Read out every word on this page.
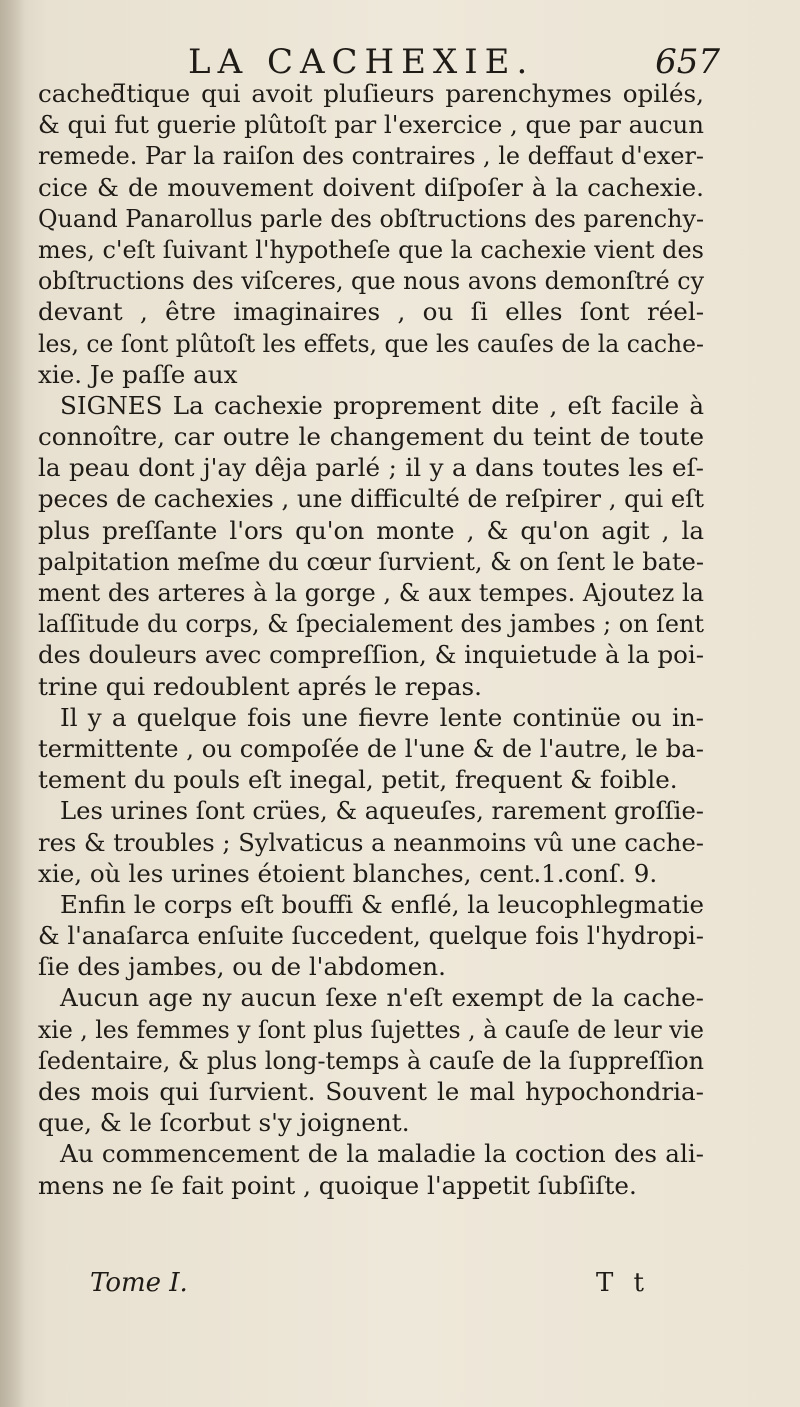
LA CACHEXIE.	657
cacheƌtique qui avoit pluſieurs parenchymes opilés,
& qui fut guerie plûtoſt par l'exercice , que par aucun
remede. Par la raiſon des contraires , le deffaut d'exer-
cice & de mouvement doivent diſpoſer à la cachexie.
Quand Panarollus parle des obſtructions des parenchy-
mes, c'eſt ſuivant l'hypotheſe que la cachexie vient des
obſtructions des viſceres, que nous avons demonſtré cy
devant , être imaginaires , ou ſi elles ſont réel-
les, ce ſont plûtoſt les effets, que les cauſes de la cache-
xie. Je paſſe aux
SIGNES La cachexie proprement dite , eſt facile à
connoître, car outre le changement du teint de toute
la peau dont j'ay dêja parlé ; il y a dans toutes les eſ-
peces de cachexies , une difficulté de reſpirer , qui eſt
plus preſſante l'ors qu'on monte , & qu'on agit , la
palpitation meſme du cœur ſurvient, & on ſent le bate-
ment des arteres à la gorge , & aux tempes. Ajoutez la
laſſitude du corps, & ſpecialement des jambes ; on ſent
des douleurs avec compreſſion, & inquietude à la poi-
trine qui redoublent aprés le repas.
Il y a quelque fois une fievre lente continüe ou in-
termittente , ou compoſée de l'une & de l'autre, le ba-
tement du pouls eſt inegal, petit, frequent & foible.
Les urines ſont crües, & aqueuſes, rarement groſſie-
res & troubles ; Sylvaticus a neanmoins vû une cache-
xie, où les urines étoient blanches, cent.1.conſ. 9.
Enfin le corps eſt bouffi & enflé, la leucophlegmatie
& l'anaſarca enſuite ſuccedent, quelque fois l'hydropi-
ſie des jambes, ou de l'abdomen.
Aucun age ny aucun ſexe n'eſt exempt de la cache-
xie , les femmes y ſont plus ſujettes , à cauſe de leur vie
ſedentaire, & plus long-temps à cauſe de la ſuppreſſion
des mois qui ſurvient. Souvent le mal hypochondria-
que, & le ſcorbut s'y joignent.
Au commencement de la maladie la coction des ali-
mens ne ſe fait point , quoique l'appetit ſubſiſte.
Tome I.	T t
